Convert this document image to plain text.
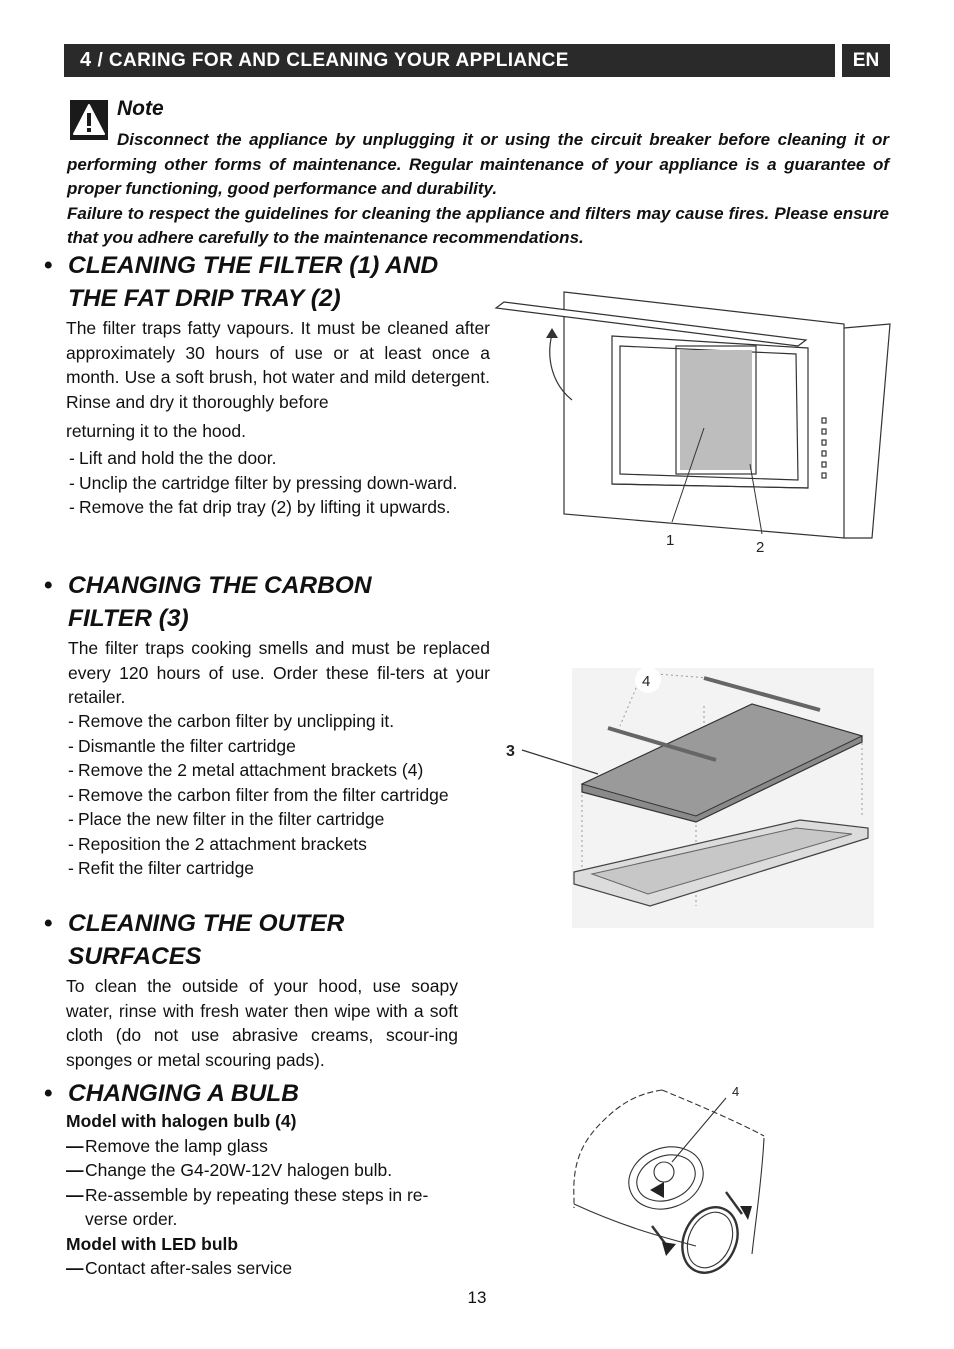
4 / CARING FOR AND CLEANING YOUR APPLIANCE	EN
Note

Disconnect the appliance by unplugging it or using the circuit breaker before cleaning it or performing other forms of maintenance. Regular maintenance of your appliance is a guarantee of proper functioning, good performance and durability.

Failure to respect the guidelines for cleaning the appliance and filters may cause fires. Please ensure that you adhere carefully to the maintenance recommendations.

• CLEANING THE FILTER (1) AND
THE FAT DRIP TRAY (2)

The filter traps fatty vapours. It must be cleaned after approximately 30 hours of use or at least once a month. Use a soft brush, hot water and mild detergent. Rinse and dry it thoroughly before

returning it to the hood.

- Lift and hold the the door.
- Unclip the cartridge filter by pressing down-ward.
- Remove the fat drip tray (2) by lifting it upwards.
1	2
• CHANGING THE CARBON
FILTER (3)

The filter traps cooking smells and must be replaced every 120 hours of use. Order these fil-ters at your retailer.

- Remove the carbon filter by unclipping it.
- Dismantle the filter cartridge
- Remove the 2 metal attachment brackets (4)
- Remove the carbon filter from the filter cartridge
- Place the new filter in the filter cartridge
- Reposition the 2 attachment brackets
- Refit the filter cartridge
4
3
• CLEANING THE OUTER
SURFACES

To clean the outside of your hood, use soapy water, rinse with fresh water then wipe with a soft cloth (do not use abrasive creams, scour-ing sponges or metal scouring pads).

• CHANGING A BULB
Model with halogen bulb (4)
— Remove the lamp glass
— Change the G4-20W-12V halogen bulb.
— Re-assemble by repeating these steps in re-verse order.
Model with LED bulb
— Contact after-sales service
4
13
